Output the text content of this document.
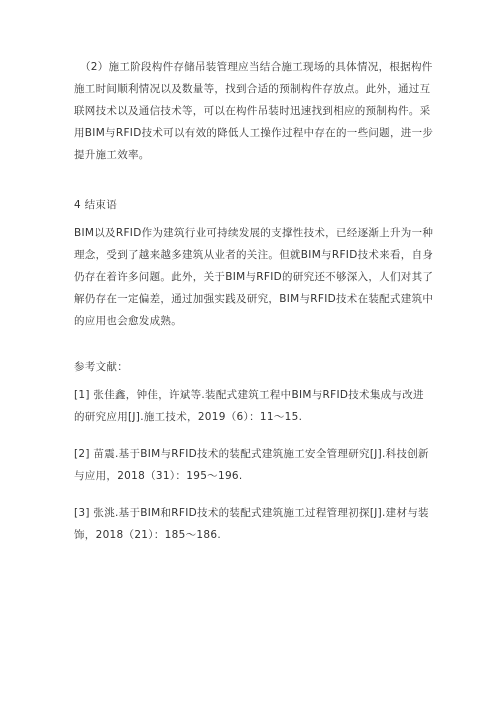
（2）施工阶段构件存储吊装管理应当结合施工现场的具体情况，根据构件施工时间顺利情况以及数量等，找到合适的预制构件存放点。此外，通过互联网技术以及通信技术等，可以在构件吊装时迅速找到相应的预制构件。采用BIM与RFID技术可以有效的降低人工操作过程中存在的一些问题，进一步提升施工效率。

4 结束语

BIM以及RFID作为建筑行业可持续发展的支撑性技术，已经逐渐上升为一种理念，受到了越来越多建筑从业者的关注。但就BIM与RFID技术来看，自身仍存在着许多问题。此外，关于BIM与RFID的研究还不够深入，人们对其了解仍存在一定偏差，通过加强实践及研究，BIM与RFID技术在装配式建筑中的应用也会愈发成熟。

参考文献：
[1] 张佳鑫，钟佳，许斌等.装配式建筑工程中BIM与RFID技术集成与改进的研究应用[J].施工技术，2019（6）：11～15.
[2] 苗震.基于BIM与RFID技术的装配式建筑施工安全管理研究[J].科技创新与应用，2018（31）：195～196.
[3] 张洮.基于BIM和RFID技术的装配式建筑施工过程管理初探[J].建材与装饰，2018（21）：185～186.
